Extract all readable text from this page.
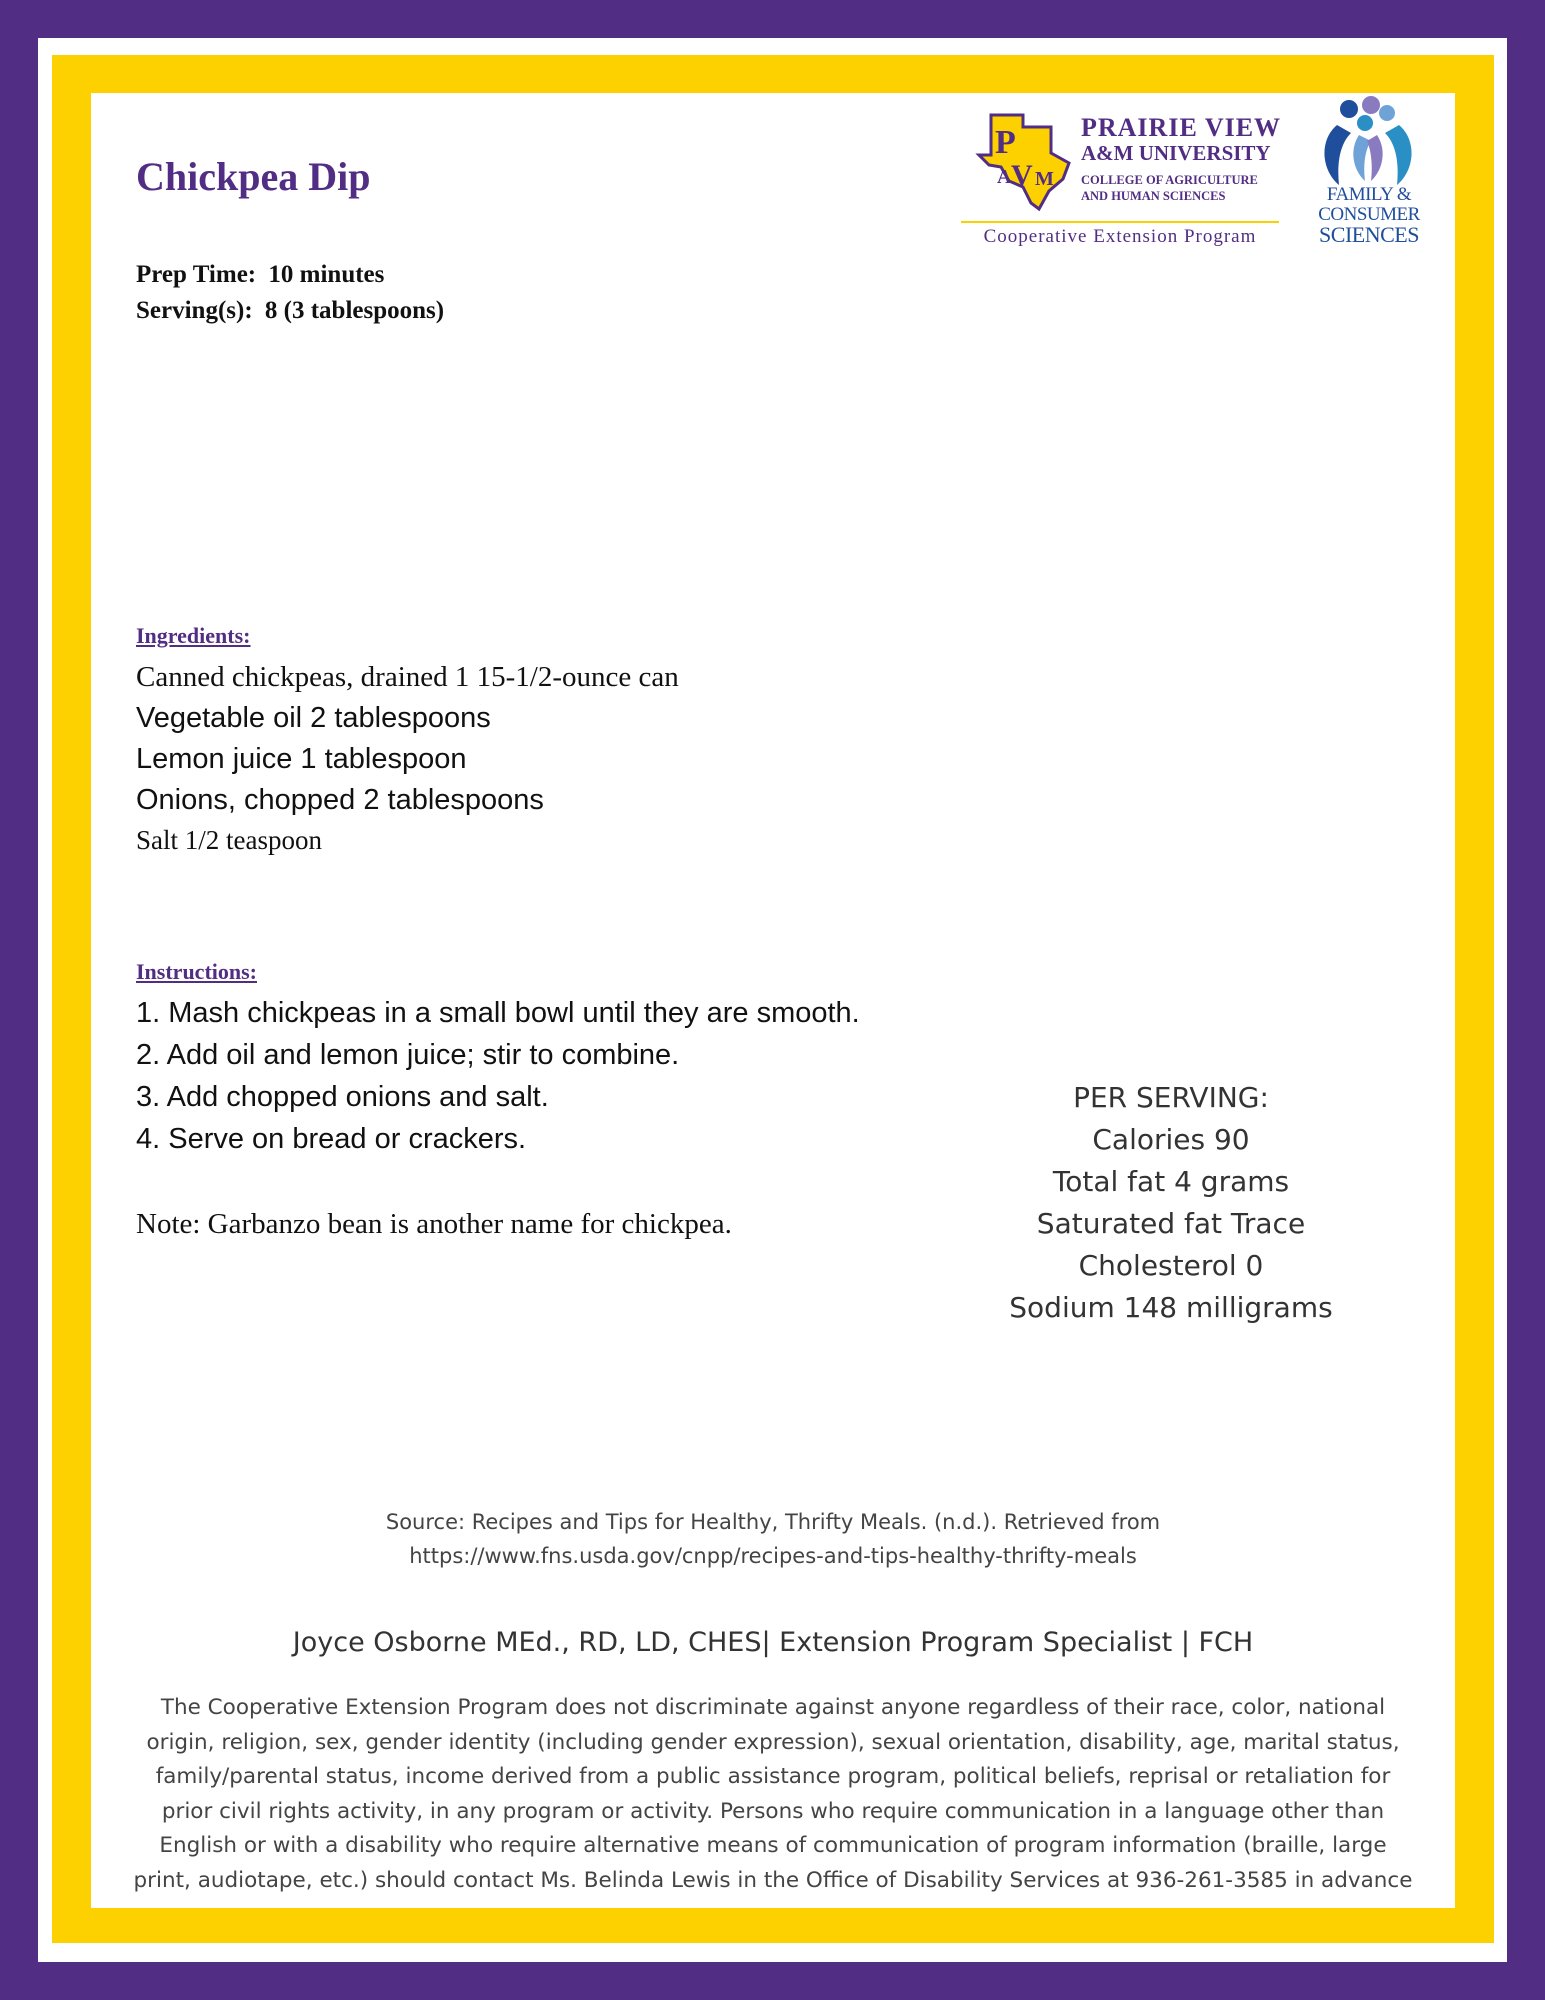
Chickpea Dip
Prep Time: 10 minutes
Serving(s): 8 (3 tablespoons)
P
V
A M
PRAIRIE VIEW
A&M UNIVERSITY
COLLEGE OF AGRICULTURE
AND HUMAN SCIENCES
Cooperative Extension Program
FAMILY &
CONSUMER
SCIENCES
Ingredients:
Canned chickpeas, drained 1 15-1/2-ounce can
Vegetable oil 2 tablespoons
Lemon juice 1 tablespoon
Onions, chopped 2 tablespoons
Salt 1/2 teaspoon
Instructions:
1. Mash chickpeas in a small bowl until they are smooth.
2. Add oil and lemon juice; stir to combine.
3. Add chopped onions and salt.
4. Serve on bread or crackers.
Note: Garbanzo bean is another name for chickpea.
PER SERVING:
Calories 90
Total fat 4 grams
Saturated fat Trace
Cholesterol 0
Sodium 148 milligrams
Source: Recipes and Tips for Healthy, Thrifty Meals. (n.d.). Retrieved from
https://www.fns.usda.gov/cnpp/recipes-and-tips-healthy-thrifty-meals
Joyce Osborne MEd., RD, LD, CHES| Extension Program Specialist | FCH
The Cooperative Extension Program does not discriminate against anyone regardless of their race, color, national
origin, religion, sex, gender identity (including gender expression), sexual orientation, disability, age, marital status,
family/parental status, income derived from a public assistance program, political beliefs, reprisal or retaliation for
prior civil rights activity, in any program or activity. Persons who require communication in a language other than
English or with a disability who require alternative means of communication of program information (braille, large
print, audiotape, etc.) should contact Ms. Belinda Lewis in the Office of Disability Services at 936-261-3585 in advance
